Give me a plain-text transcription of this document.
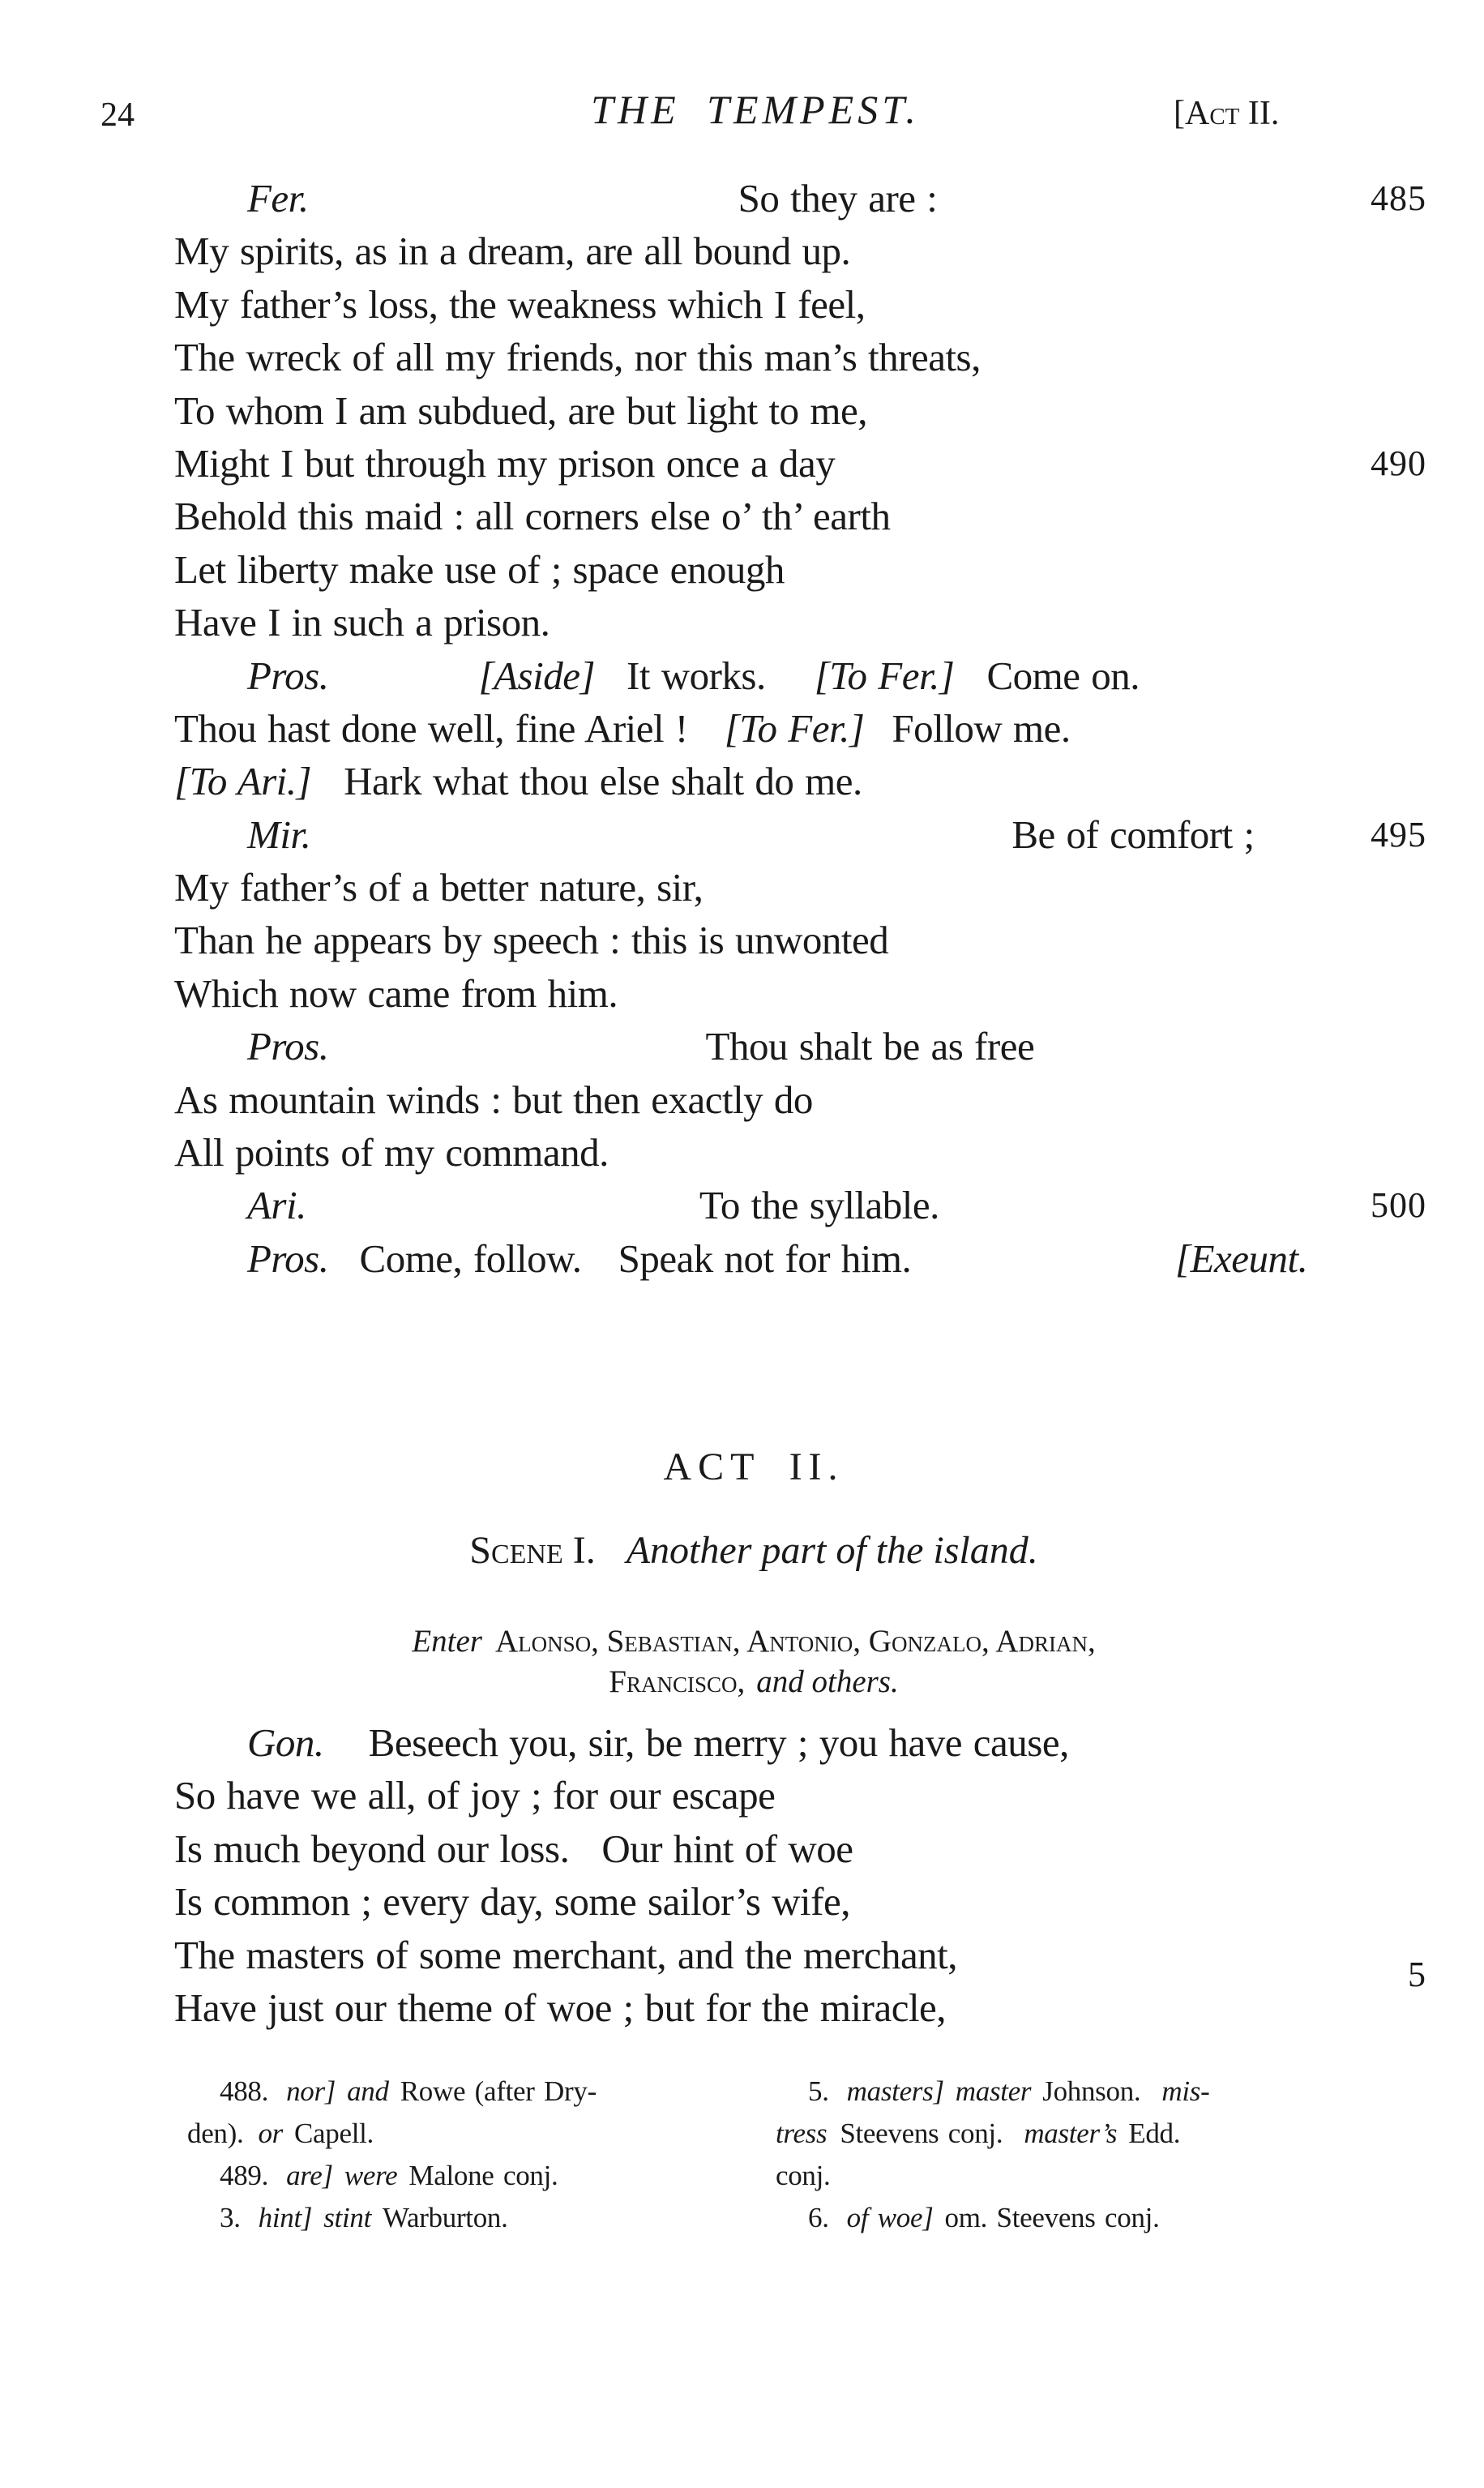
24	THE TEMPEST.	[Act II.
Fer.	So they are :	485
My spirits, as in a dream, are all bound up.
My father’s loss, the weakness which I feel,
The wreck of all my friends, nor this man’s threats,
To whom I am subdued, are but light to me,
Might I but through my prison once a day	490
Behold this maid : all corners else o’ th’ earth
Let liberty make use of ; space enough
Have I in such a prison.
Pros.	[Aside] It works. [To Fer.] Come on.
Thou hast done well, fine Ariel ! [To Fer.] Follow me.
[To Ari.] Hark what thou else shalt do me.
Mir.	Be of comfort ;	495
My father’s of a better nature, sir,
Than he appears by speech : this is unwonted
Which now came from him.
Pros.	Thou shalt be as free
As mountain winds : but then exactly do
All points of my command.
Ari.	To the syllable.	500
Pros. Come, follow. Speak not for him.	[Exeunt.
ACT II.
Scene I. Another part of the island.
Enter Alonso, Sebastian, Antonio, Gonzalo, Adrian,
Francisco, and others.
Gon. Beseech you, sir, be merry ; you have cause,
So have we all, of joy ; for our escape
Is much beyond our loss. Our hint of woe
Is common ; every day, some sailor’s wife,
The masters of some merchant, and the merchant,	5
Have just our theme of woe ; but for the miracle,
488. nor] and Rowe (after Dry-
den). or Capell.
489. are] were Malone conj.
3. hint] stint Warburton.
5. masters] master Johnson. mis-
tress Steevens conj. master’s Edd.
conj.
6. of woe] om. Steevens conj.
